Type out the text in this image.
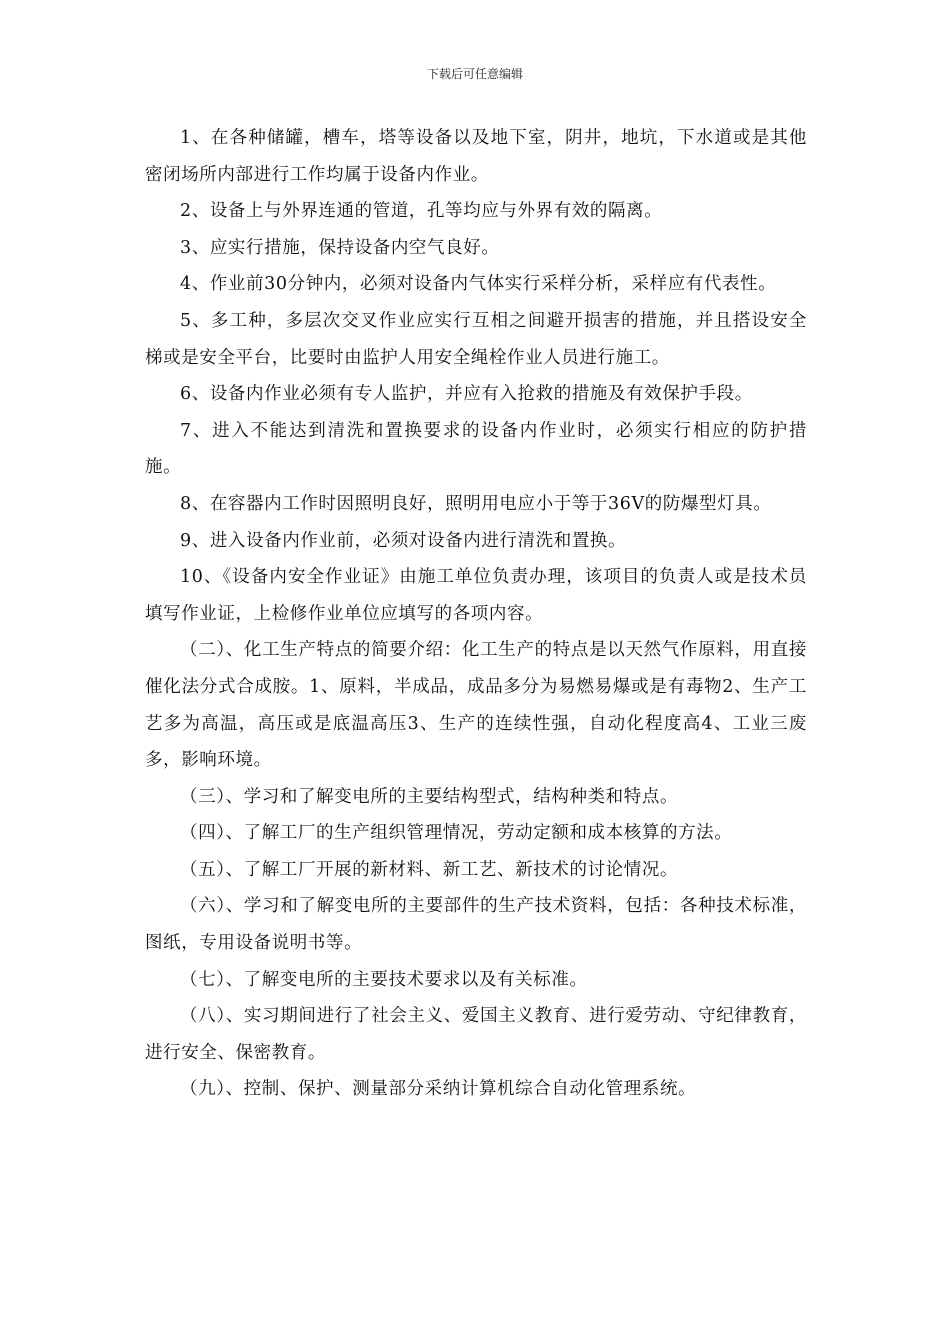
下载后可任意编辑

1、在各种储罐，槽车，塔等设备以及地下室，阴井，地坑，下水道或是其他密闭场所内部进行工作均属于设备内作业。

2、设备上与外界连通的管道，孔等均应与外界有效的隔离。

3、应实行措施，保持设备内空气良好。

4、作业前30分钟内，必须对设备内气体实行采样分析，采样应有代表性。

5、多工种，多层次交叉作业应实行互相之间避开损害的措施，并且搭设安全梯或是安全平台，比要时由监护人用安全绳栓作业人员进行施工。

6、设备内作业必须有专人监护，并应有入抢救的措施及有效保护手段。

7、进入不能达到清洗和置换要求的设备内作业时，必须实行相应的防护措施。

8、在容器内工作时因照明良好，照明用电应小于等于36V的防爆型灯具。

9、进入设备内作业前，必须对设备内进行清洗和置换。

10、《设备内安全作业证》由施工单位负责办理，该项目的负责人或是技术员填写作业证，上检修作业单位应填写的各项内容。

（二）、化工生产特点的简要介绍：化工生产的特点是以天然气作原料，用直接催化法分式合成胺。1、原料，半成品，成品多分为易燃易爆或是有毒物2、生产工艺多为高温，高压或是底温高压3、生产的连续性强，自动化程度高4、工业三废多，影响环境。

（三）、学习和了解变电所的主要结构型式，结构种类和特点。

（四）、了解工厂的生产组织管理情况，劳动定额和成本核算的方法。

（五）、了解工厂开展的新材料、新工艺、新技术的讨论情况。

（六）、学习和了解变电所的主要部件的生产技术资料，包括：各种技术标准，图纸，专用设备说明书等。

（七）、了解变电所的主要技术要求以及有关标准。

（八）、实习期间进行了社会主义、爱国主义教育、进行爱劳动、守纪律教育，进行安全、保密教育。

（九）、控制、保护、测量部分采纳计算机综合自动化管理系统。
